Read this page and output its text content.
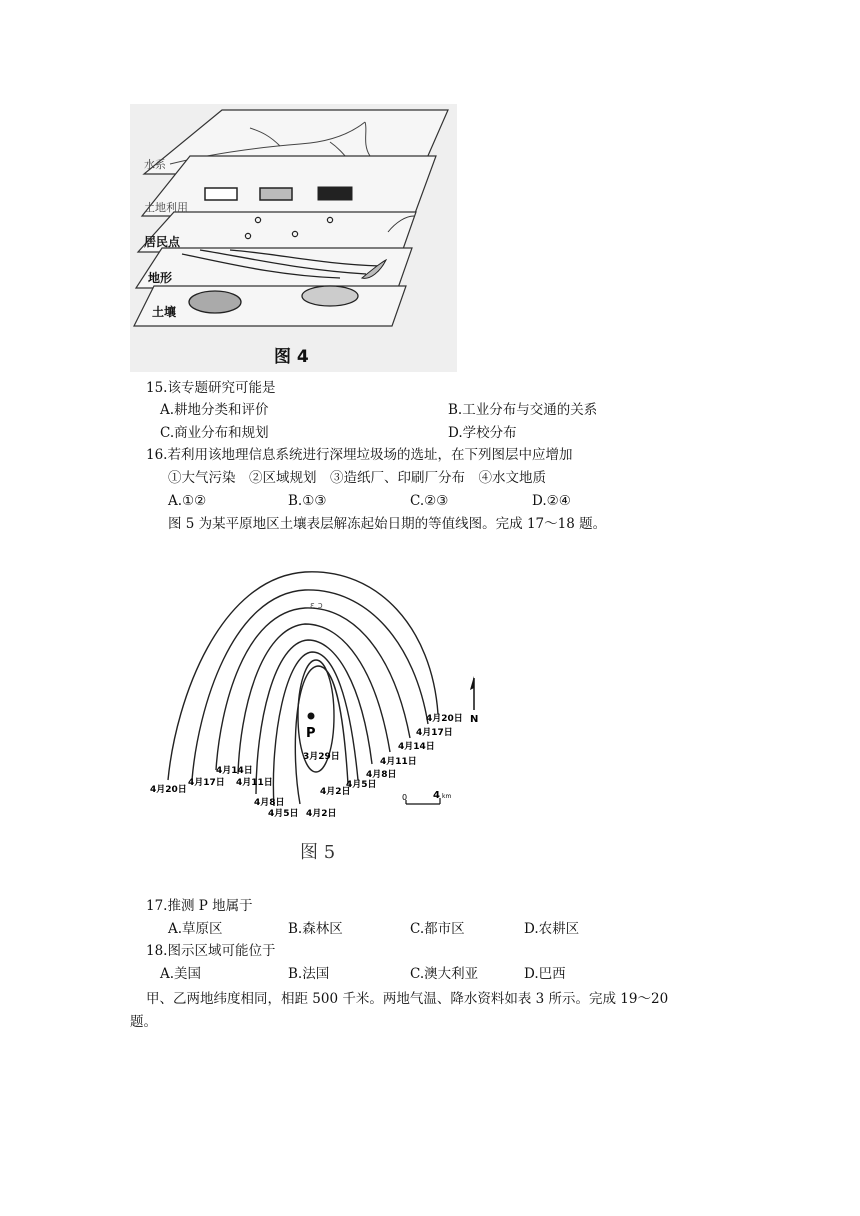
水系
土地利用
居民点
地形
土壤
图 4
15.该专题研究可能是
A.耕地分类和评价	B.工业分布与交通的关系
C.商业分布和规划	D.学校分布
16.若利用该地理信息系统进行深埋垃圾场的选址，在下列图层中应增加
①大气污染　②区域规划　③造纸厂、印刷厂分布　④水文地质
A.①②	B.①③	C.②③	D.②④
图 5 为某平原地区土壤表层解冻起始日期的等值线图。完成 17～18 题。
ɛ ɔ
P
3月29日
4月20日
4月17日
4月14日
4月11日
4月8日
4月5日 4月2日
4月20日
4月17日
4月14日
4月11日
4月8日
4月5日
4月2日
N
0	4 km
图 5
17.推测 P 地属于
A.草原区	B.森林区	C.都市区	D.农耕区
18.图示区域可能位于
A.美国	B.法国	C.澳大利亚	D.巴西
甲、乙两地纬度相同，相距 500 千米。两地气温、降水资料如表 3 所示。完成 19～20
题。
